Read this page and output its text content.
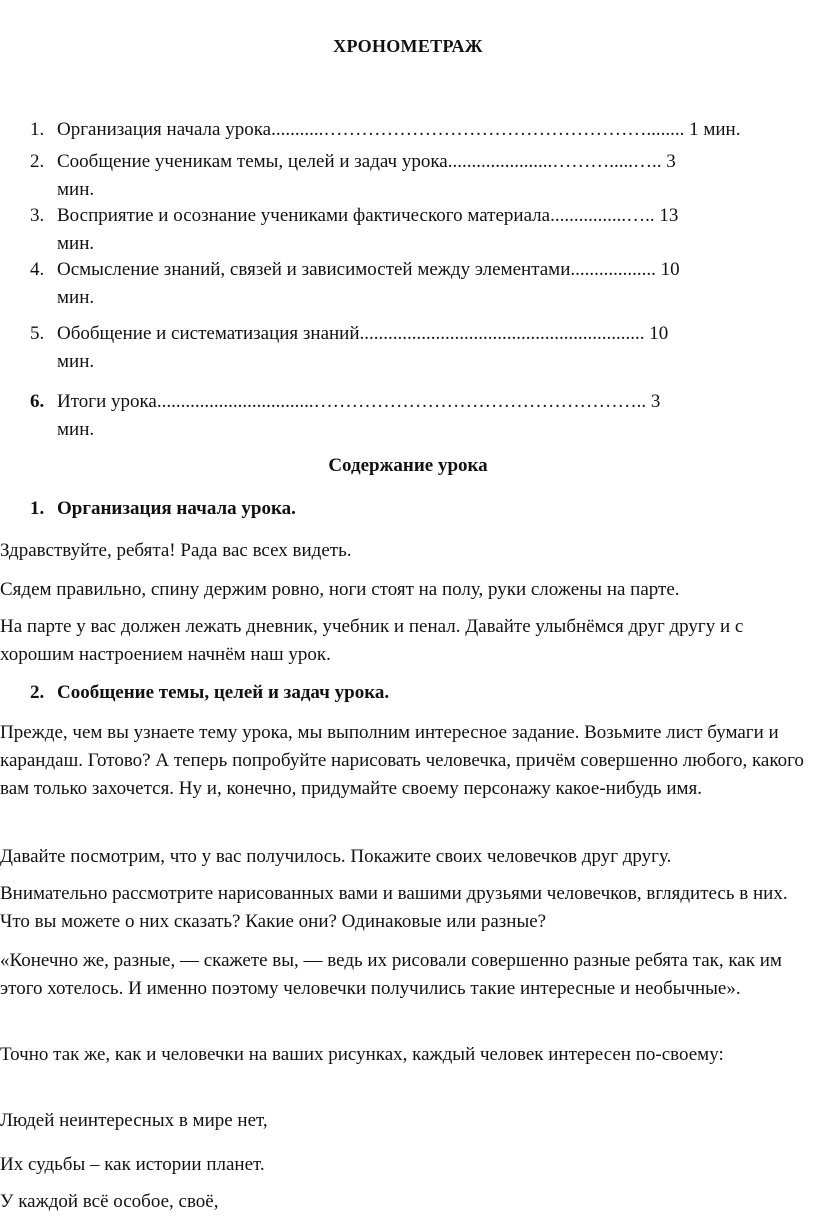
ХРОНОМЕТРАЖ
1. Организация начала урока...........……………………………………………........ 1 мин.
2. Сообщение ученикам темы, целей и задач урока......................……….....….. 3
мин.
3. Восприятие и осознание учениками фактического материала................….. 13
мин.
4. Осмысление знаний, связей и зависимостей между элементами.................. 10
мин.
5. Обобщение и систематизация знаний............................................................ 10
мин.
6. Итоги урока.................................…………………………………………….. 3
мин.
Содержание урока
1. Организация начала урока.
Здравствуйте, ребята! Рада вас всех видеть.
Сядем правильно, спину держим ровно, ноги стоят на полу, руки сложены на парте.
На парте у вас должен лежать дневник, учебник и пенал. Давайте улыбнёмся друг другу и с хорошим настроением начнём наш урок.
2. Сообщение темы, целей и задач урока.
Прежде, чем вы узнаете тему урока, мы выполним интересное задание. Возьмите лист бумаги и карандаш. Готово? А теперь попробуйте нарисовать человечка, причём совершенно любого, какого вам только захочется. Ну и, конечно, придумайте своему персонажу какое-нибудь имя.
Давайте посмотрим, что у вас получилось. Покажите своих человечков друг другу.
Внимательно рассмотрите нарисованных вами и вашими друзьями человечков, вглядитесь в них. Что вы можете о них сказать? Какие они? Одинаковые или разные?
«Конечно же, разные, — скажете вы, — ведь их рисовали совершенно разные ребята так, как им этого хотелось. И именно поэтому человечки получились такие интересные и необычные».
Точно так же, как и человечки на ваших рисунках, каждый человек интересен по-своему:
Людей неинтересных в мире нет,
Их судьбы – как истории планет.
У каждой всё особое, своё,
